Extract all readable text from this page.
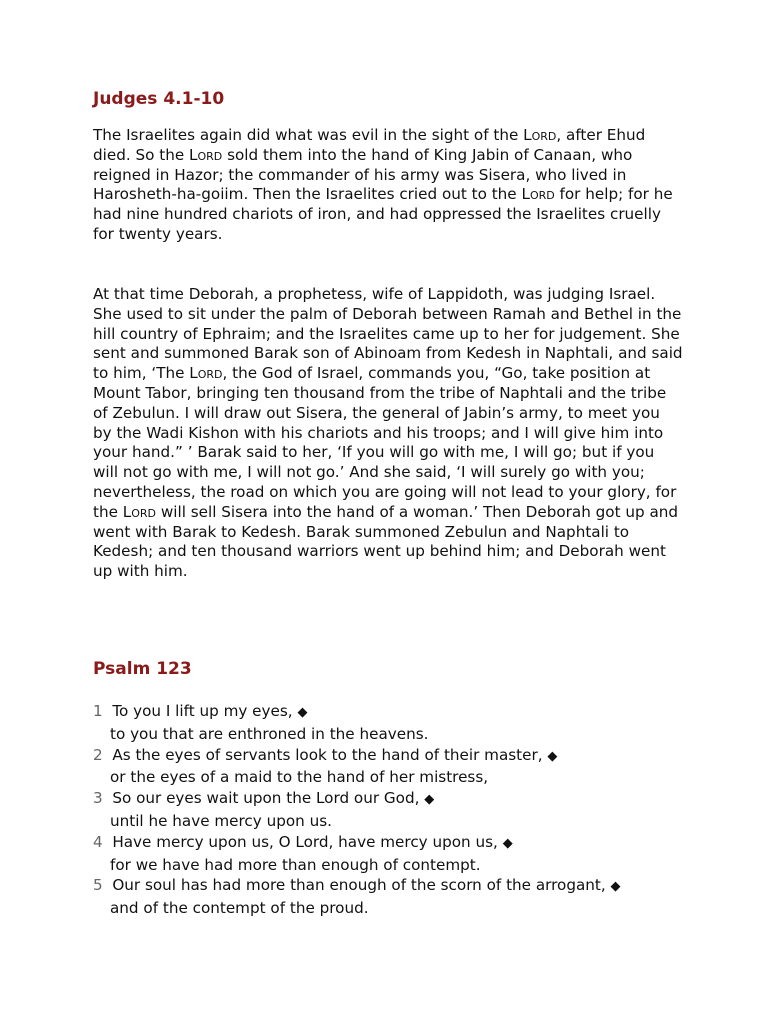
Judges 4.1-10

The Israelites again did what was evil in the sight of the Lord, after Ehud died. So the Lord sold them into the hand of King Jabin of Canaan, who reigned in Hazor; the commander of his army was Sisera, who lived in Harosheth-ha-goiim. Then the Israelites cried out to the Lord for help; for he had nine hundred chariots of iron, and had oppressed the Israelites cruelly for twenty years.

At that time Deborah, a prophetess, wife of Lappidoth, was judging Israel. She used to sit under the palm of Deborah between Ramah and Bethel in the hill country of Ephraim; and the Israelites came up to her for judgement. She sent and summoned Barak son of Abinoam from Kedesh in Naphtali, and said to him, ‘The Lord, the God of Israel, commands you, “Go, take position at Mount Tabor, bringing ten thousand from the tribe of Naphtali and the tribe of Zebulun. I will draw out Sisera, the general of Jabin’s army, to meet you by the Wadi Kishon with his chariots and his troops; and I will give him into your hand.” ’ Barak said to her, ‘If you will go with me, I will go; but if you will not go with me, I will not go.’ And she said, ‘I will surely go with you; nevertheless, the road on which you are going will not lead to your glory, for the Lord will sell Sisera into the hand of a woman.’ Then Deborah got up and went with Barak to Kedesh. Barak summoned Zebulun and Naphtali to Kedesh; and ten thousand warriors went up behind him; and Deborah went up with him.

Psalm 123
1 To you I lift up my eyes, ◆
to you that are enthroned in the heavens.
2 As the eyes of servants look to the hand of their master, ◆
or the eyes of a maid to the hand of her mistress,
3 So our eyes wait upon the Lord our God, ◆
until he have mercy upon us.
4 Have mercy upon us, O Lord, have mercy upon us, ◆
for we have had more than enough of contempt.
5 Our soul has had more than enough of the scorn of the arrogant, ◆
and of the contempt of the proud.
